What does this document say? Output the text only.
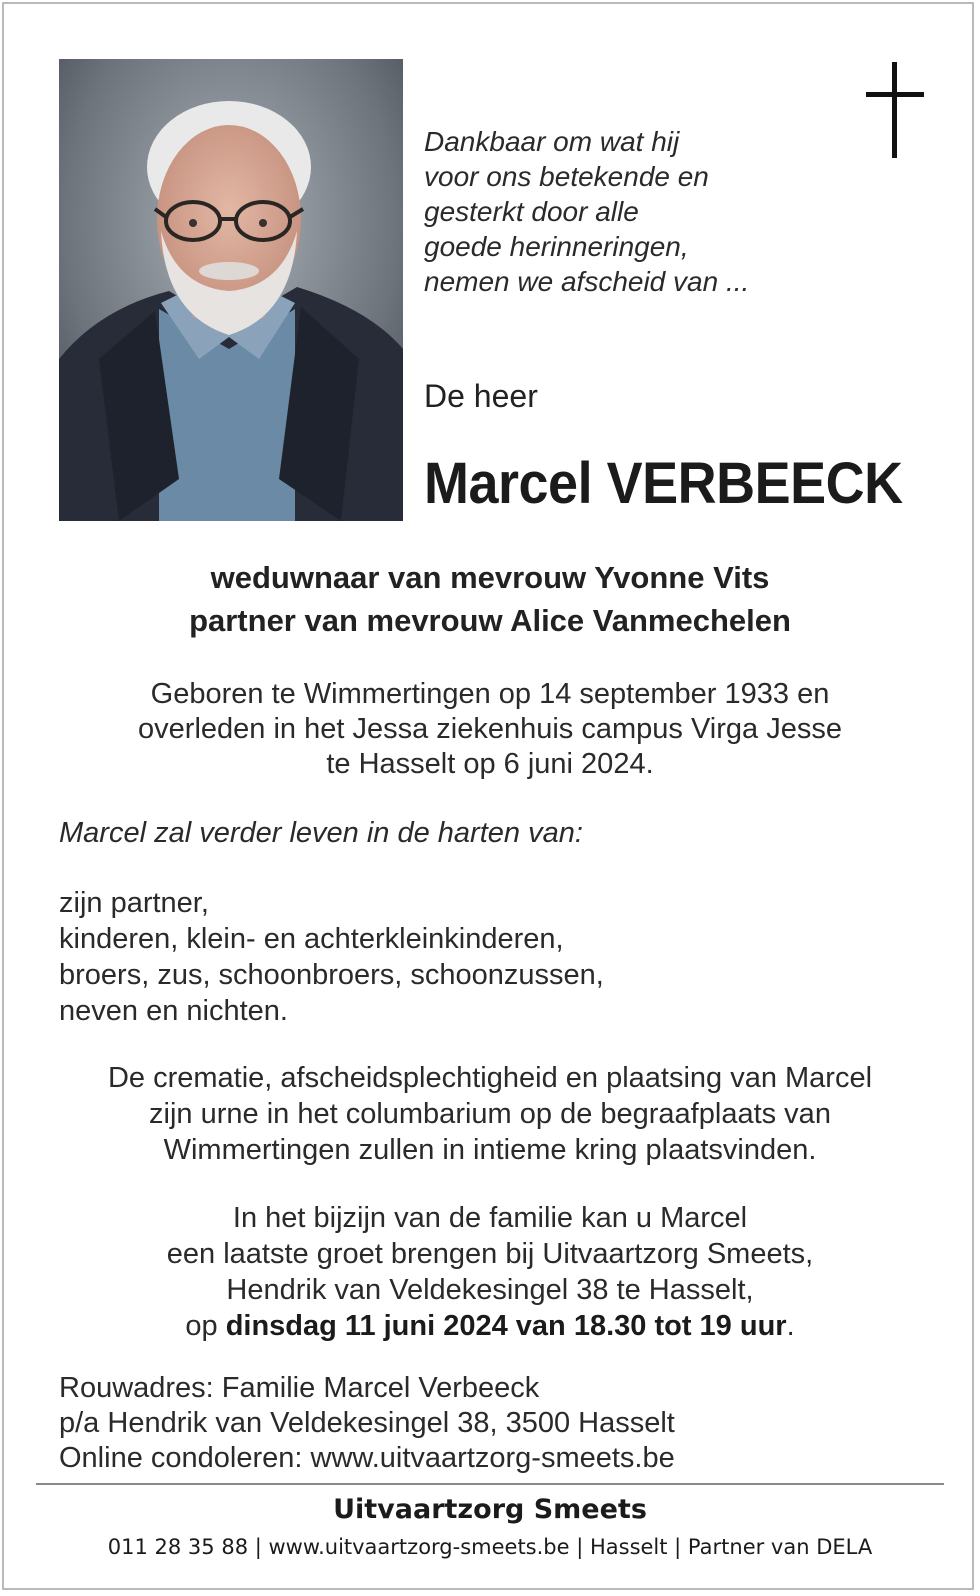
Dankbaar om wat hij
voor ons betekende en
gesterkt door alle
goede herinneringen,
nemen we afscheid van ...
De heer
Marcel VERBEECK
weduwnaar van mevrouw Yvonne Vits
partner van mevrouw Alice Vanmechelen
Geboren te Wimmertingen op 14 september 1933 en
overleden in het Jessa ziekenhuis campus Virga Jesse
te Hasselt op 6 juni 2024.
Marcel zal verder leven in de harten van:
zijn partner,
kinderen, klein- en achterkleinkinderen,
broers, zus, schoonbroers, schoonzussen,
neven en nichten.
De crematie, afscheidsplechtigheid en plaatsing van Marcel
zijn urne in het columbarium op de begraafplaats van
Wimmertingen zullen in intieme kring plaatsvinden.
In het bijzijn van de familie kan u Marcel
een laatste groet brengen bij Uitvaartzorg Smeets,
Hendrik van Veldekesingel 38 te Hasselt,
op dinsdag 11 juni 2024 van 18.30 tot 19 uur.
Rouwadres: Familie Marcel Verbeeck
p/a Hendrik van Veldekesingel 38, 3500 Hasselt
Online condoleren: www.uitvaartzorg-smeets.be
Uitvaartzorg Smeets
011 28 35 88 | www.uitvaartzorg-smeets.be | Hasselt | Partner van DELA
